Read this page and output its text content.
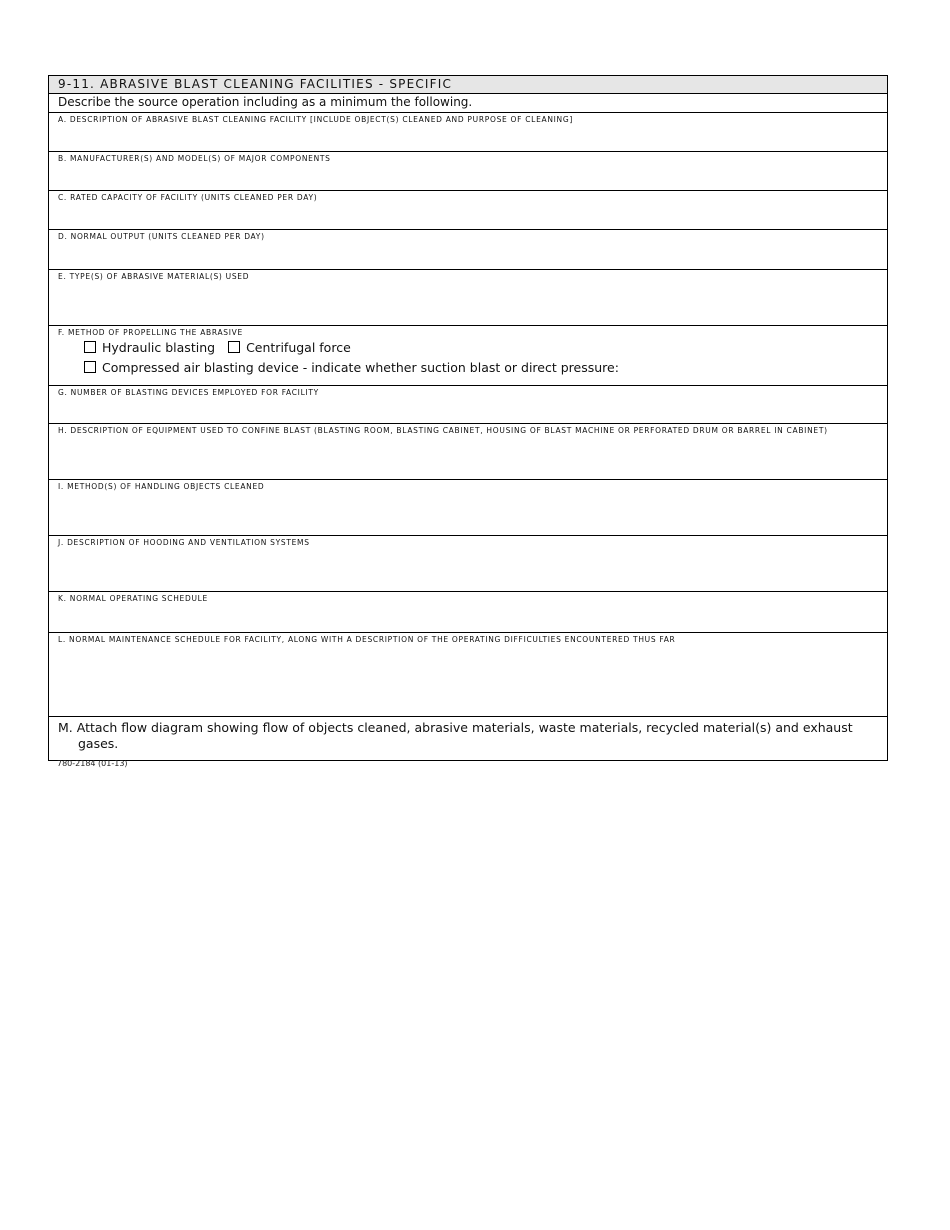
9-11. ABRASIVE BLAST CLEANING FACILITIES - SPECIFIC
Describe the source operation including as a minimum the following.
A. DESCRIPTION OF ABRASIVE BLAST CLEANING FACILITY [INCLUDE OBJECT(S) CLEANED AND PURPOSE OF CLEANING]
B. MANUFACTURER(S) AND MODEL(S) OF MAJOR COMPONENTS
C. RATED CAPACITY OF FACILITY (UNITS CLEANED PER DAY)
D. NORMAL OUTPUT (UNITS CLEANED PER DAY)
E. TYPE(S) OF ABRASIVE MATERIAL(S) USED
F. METHOD OF PROPELLING THE ABRASIVE
Hydraulic blasting Centrifugal force
Compressed air blasting device - indicate whether suction blast or direct pressure:
G. NUMBER OF BLASTING DEVICES EMPLOYED FOR FACILITY
H. DESCRIPTION OF EQUIPMENT USED TO CONFINE BLAST (BLASTING ROOM, BLASTING CABINET, HOUSING OF BLAST MACHINE OR PERFORATED DRUM OR BARREL IN CABINET)
I. METHOD(S) OF HANDLING OBJECTS CLEANED
J. DESCRIPTION OF HOODING AND VENTILATION SYSTEMS
K. NORMAL OPERATING SCHEDULE
L. NORMAL MAINTENANCE SCHEDULE FOR FACILITY, ALONG WITH A DESCRIPTION OF THE OPERATING DIFFICULTIES ENCOUNTERED THUS FAR
M. Attach flow diagram showing flow of objects cleaned, abrasive materials, waste materials, recycled material(s) and exhaust gases.
780-2184 (01-13)
